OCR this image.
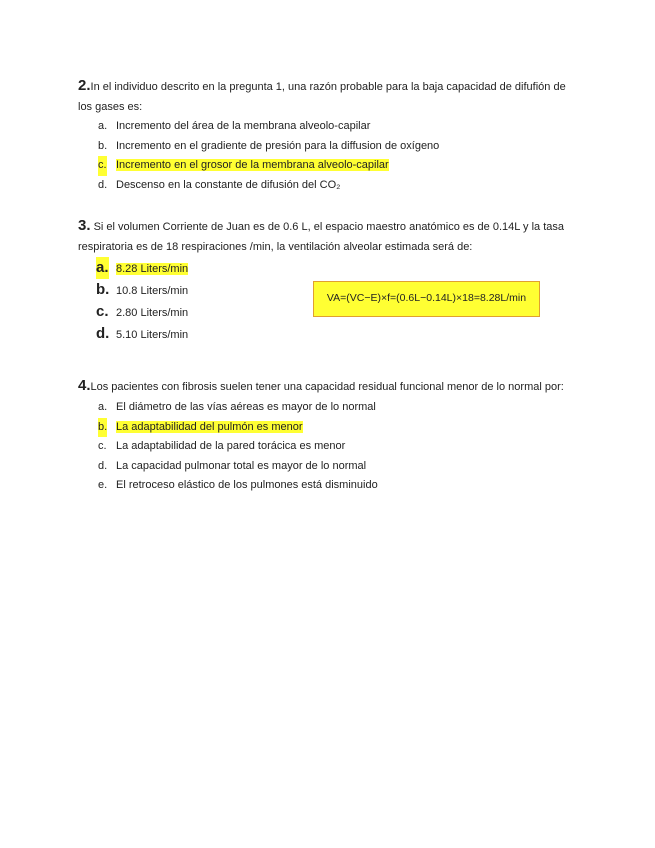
2.In el individuo descrito en la pregunta 1, una razón probable para la baja capacidad de difufión de los gases es:
a. Incremento del área de la membrana alveolo-capilar
b. Incremento en el gradiente de presión para la diffusion de oxígeno
c. Incremento en el grosor de la membrana alveolo-capilar
d. Descenso en la constante de difusión del CO₂
3. Si el volumen Corriente de Juan es de 0.6 L, el espacio maestro anatómico es de 0.14L y la tasa respiratoria es de 18 respiraciones /min, la ventilación alveolar estimada será de:
a. 8.28 Liters/min
b. 10.8 Liters/min
c. 2.80 Liters/min
d. 5.10 Liters/min
VA=(VC−E)×f=(0.6L−0.14L)×18=8.28L/min
4.Los pacientes con fibrosis suelen tener una capacidad residual funcional menor de lo normal por:
a. El diámetro de las vías aéreas es mayor de lo normal
b. La adaptabilidad del pulmón es menor
c. La adaptabilidad de la pared torácica es menor
d. La capacidad pulmonar total es mayor de lo normal
e. El retroceso elástico de los pulmones está disminuido
